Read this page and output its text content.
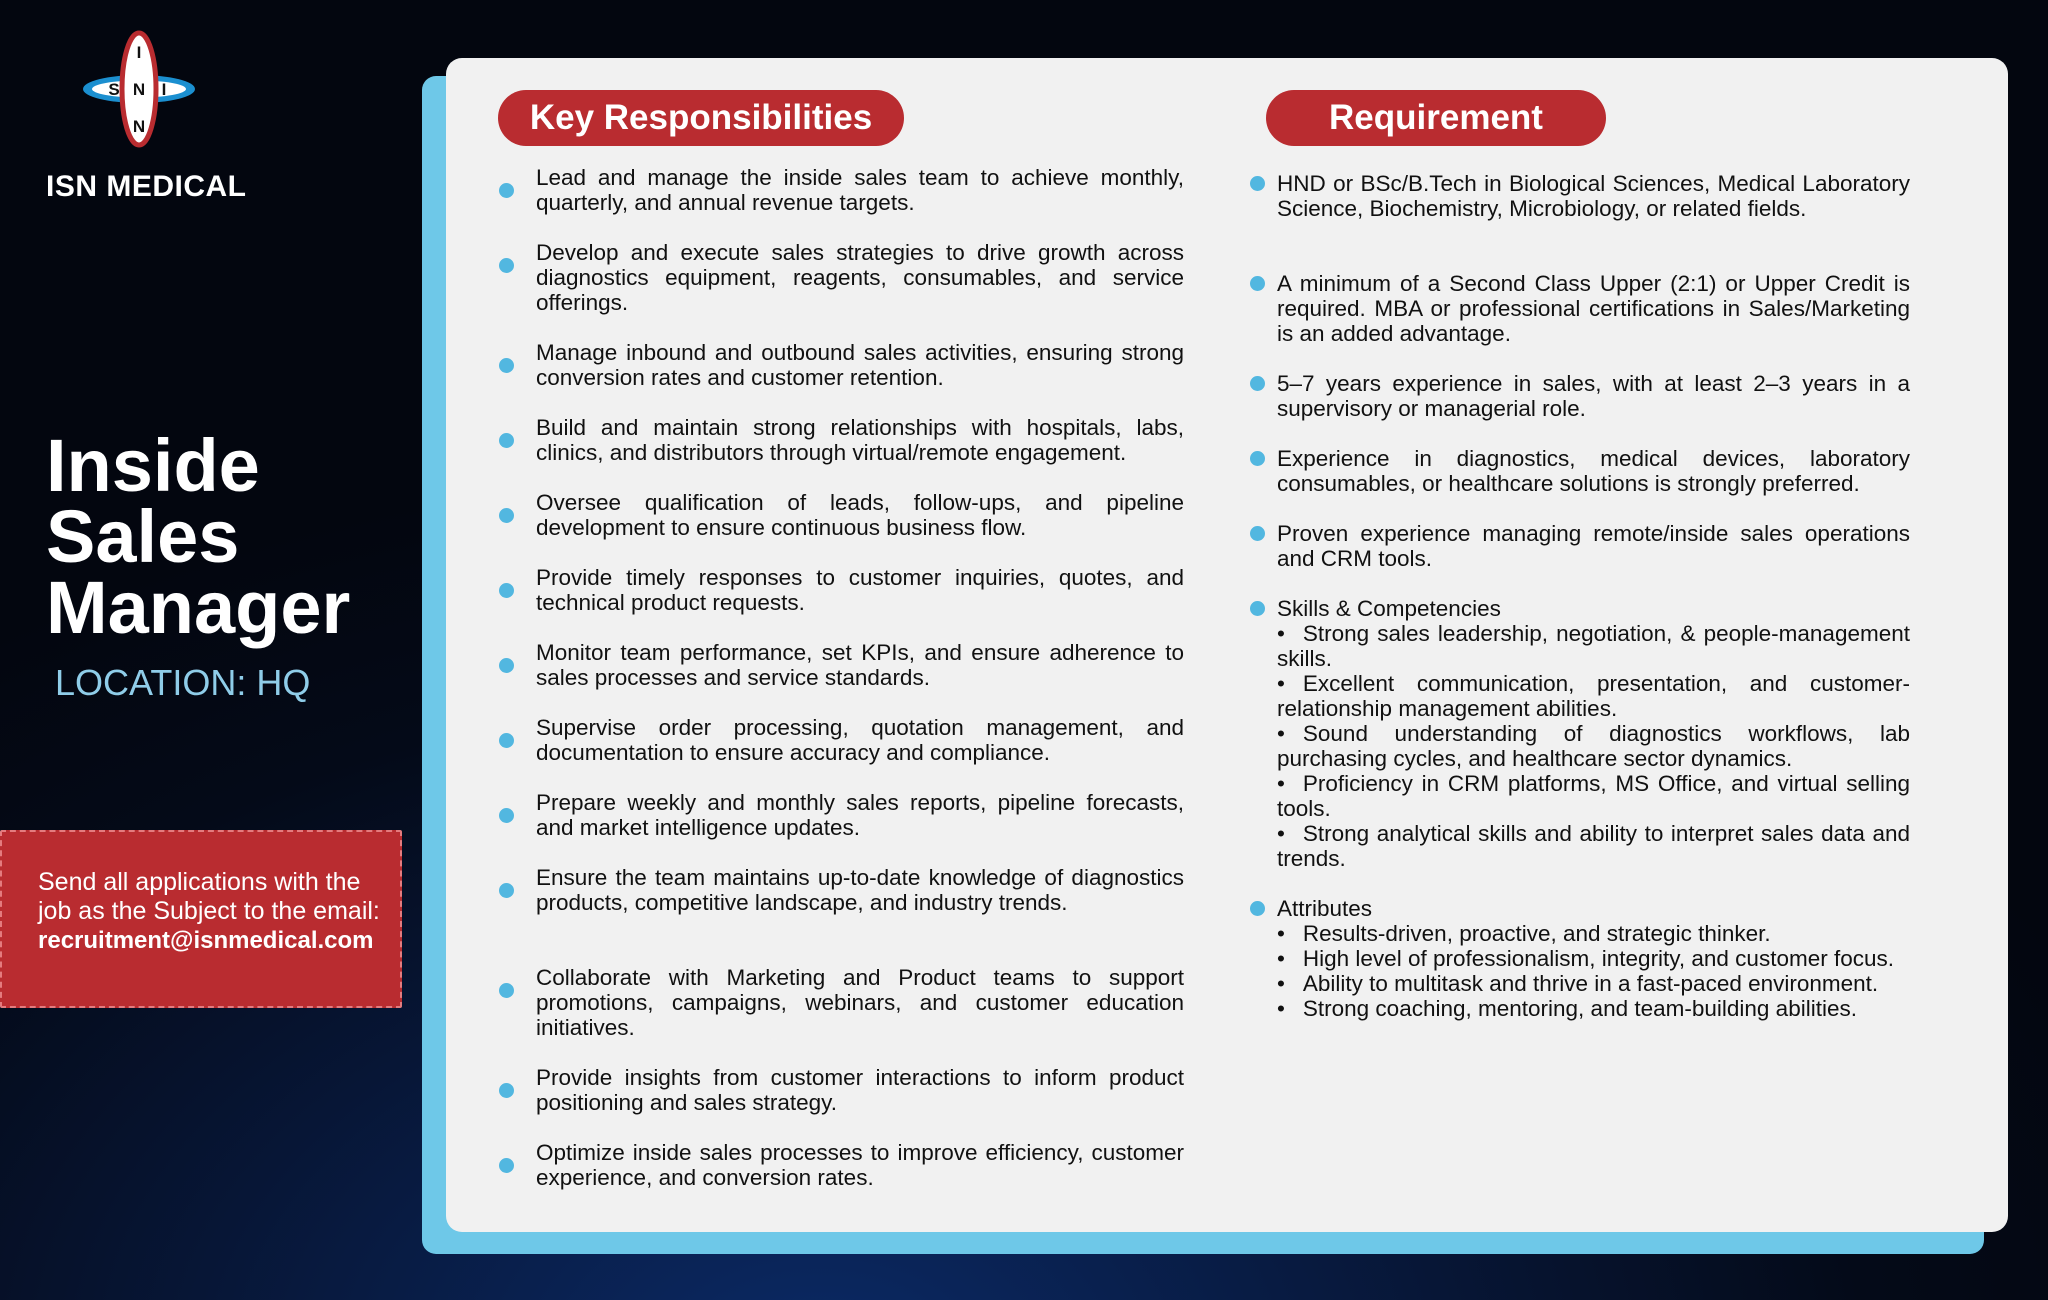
I
S N I
N
ISN MEDICAL
Inside
Sales
Manager
LOCATION: HQ
Send all applications with the
job as the Subject to the email:
recruitment@isnmedical.com
Key Responsibilities	Requirement
Lead and manage the inside sales team to achieve monthly, quarterly, and annual revenue targets.
Develop and execute sales strategies to drive growth across diagnostics equipment, reagents, consumables, and service offerings.
Manage inbound and outbound sales activities, ensuring strong conversion rates and customer retention.
Build and maintain strong relationships with hospitals, labs, clinics, and distributors through virtual/remote engagement.
Oversee qualification of leads, follow-ups, and pipeline development to ensure continuous business flow.
Provide timely responses to customer inquiries, quotes, and technical product requests.
Monitor team performance, set KPIs, and ensure adherence to sales processes and service standards.
Supervise order processing, quotation management, and documentation to ensure accuracy and compliance.
Prepare weekly and monthly sales reports, pipeline forecasts, and market intelligence updates.
Ensure the team maintains up-to-date knowledge of diagnostics products, competitive landscape, and industry trends.
Collaborate with Marketing and Product teams to support promotions, campaigns, webinars, and customer education initiatives.
Provide insights from customer interactions to inform product positioning and sales strategy.
Optimize inside sales processes to improve efficiency, customer experience, and conversion rates.
HND or BSc/B.Tech in Biological Sciences, Medical Laboratory Science, Biochemistry, Microbiology, or related fields.
A minimum of a Second Class Upper (2:1) or Upper Credit is required. MBA or professional certifications in Sales/Marketing is an added advantage.
5–7 years experience in sales, with at least 2–3 years in a supervisory or managerial role.
Experience in diagnostics, medical devices, laboratory consumables, or healthcare solutions is strongly preferred.
Proven experience managing remote/inside sales operations and CRM tools.
Skills & Competencies
• Strong sales leadership, negotiation, & people-management skills.
• Excellent communication, presentation, and customer-relationship management abilities.
• Sound understanding of diagnostics workflows, lab purchasing cycles, and healthcare sector dynamics.
• Proficiency in CRM platforms, MS Office, and virtual selling tools.
• Strong analytical skills and ability to interpret sales data and trends.
Attributes
• Results-driven, proactive, and strategic thinker.
• High level of professionalism, integrity, and customer focus.
• Ability to multitask and thrive in a fast-paced environment.
• Strong coaching, mentoring, and team-building abilities.
